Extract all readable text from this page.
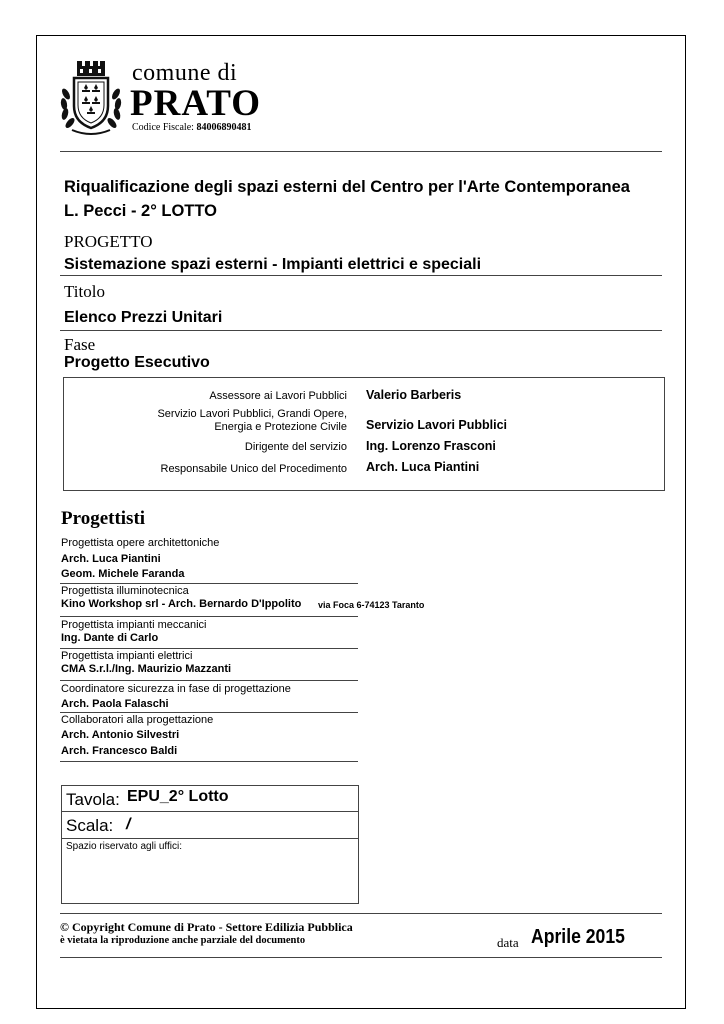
comune di
PRATO
Codice Fiscale: 84006890481
Riqualificazione degli spazi esterni del Centro per l'Arte Contemporanea
L. Pecci - 2° LOTTO
PROGETTO
Sistemazione spazi esterni - Impianti elettrici e speciali
Titolo
Elenco Prezzi Unitari
Fase
Progetto Esecutivo
Assessore ai Lavori Pubblici Valerio Barberis
Servizio Lavori Pubblici, Grandi Opere,
Energia e Protezione Civile Servizio Lavori Pubblici
Dirigente del servizio Ing. Lorenzo Frasconi
Responsabile Unico del Procedimento Arch. Luca Piantini
Progettisti
Progettista opere architettoniche
Arch. Luca Piantini
Geom. Michele Faranda
Progettista illuminotecnica
Kino Workshop srl - Arch. Bernardo D'Ippolito via Foca 6-74123 Taranto
Progettista impianti meccanici
Ing. Dante di Carlo
Progettista impianti elettrici
CMA S.r.l./Ing. Maurizio Mazzanti
Coordinatore sicurezza in fase di progettazione
Arch. Paola Falaschi
Collaboratori alla progettazione
Arch. Antonio Silvestri
Arch. Francesco Baldi
Tavola: EPU_2° Lotto
Scala: /
Spazio riservato agli uffici:
© Copyright Comune di Prato - Settore Edilizia Pubblica
è vietata la riproduzione anche parziale del documento	data Aprile 2015
